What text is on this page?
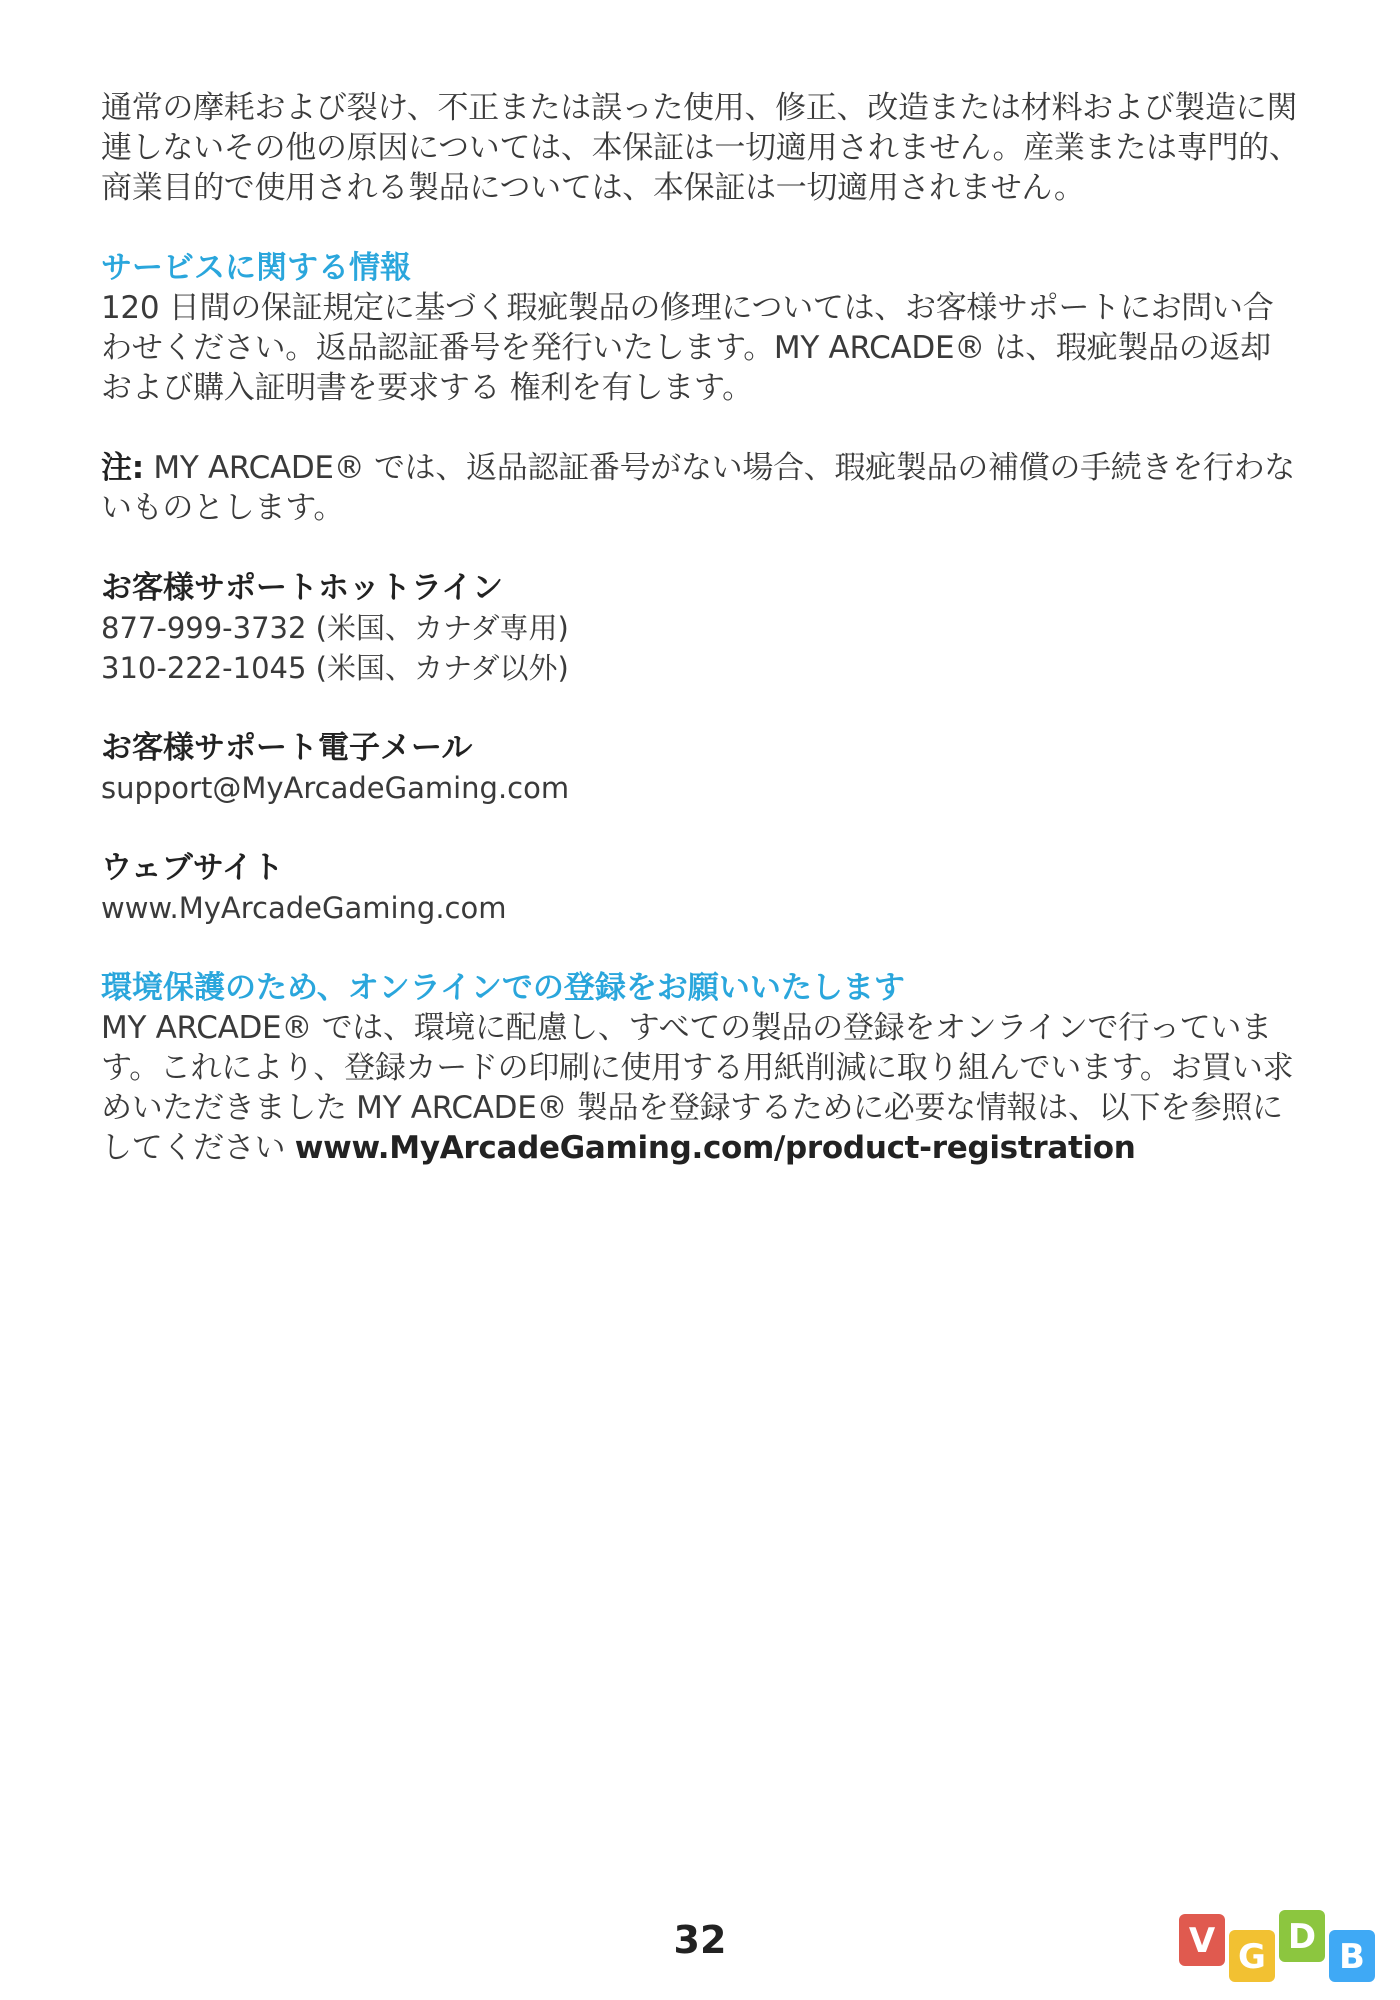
通常の摩耗および裂け、不正または誤った使用、修正、改造または材料および製造に関連しないその他の原因については、本保証は一切適用されません。産業または専門的、商業目的で使用される製品については、本保証は一切適用されません。

サービスに関する情報

120 日間の保証規定に基づく瑕疵製品の修理については、お客様サポートにお問い合わせください。返品認証番号を発行いたします。MY ARCADE® は、瑕疵製品の返却および購入証明書を要求する 権利を有します。

注: MY ARCADE® では、返品認証番号がない場合、瑕疵製品の補償の手続きを行わないものとします。

お客様サポートホットライン

877-999-3732 (米国、カナダ専用)
310-222-1045 (米国、カナダ以外)

お客様サポート電子メール

support@MyArcadeGaming.com

ウェブサイト

www.MyArcadeGaming.com

環境保護のため、オンラインでの登録をお願いいたします

MY ARCADE® では、環境に配慮し、すべての製品の登録をオンラインで行っています。これにより、登録カードの印刷に使用する用紙削減に取り組んでいます。お買い求めいただきました MY ARCADE® 製品を登録するために必要な情報は、以下を参照にしてください www.MyArcadeGaming.com/product-registration

32	V G D B
